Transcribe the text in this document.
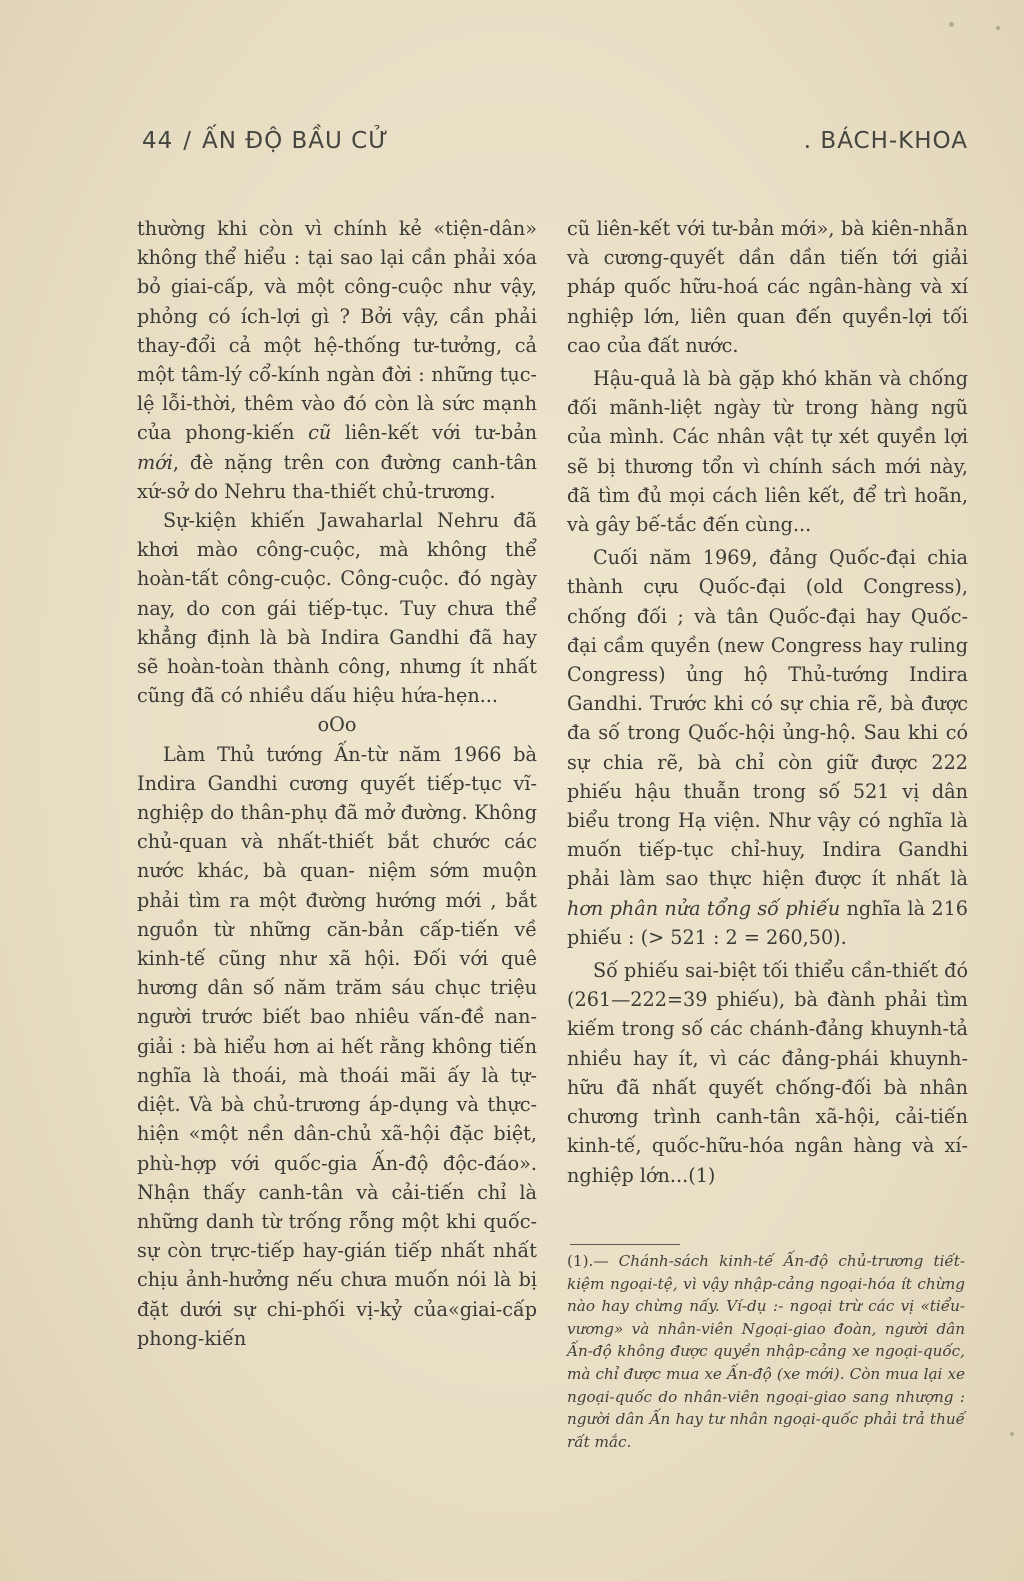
44 / ẤN ĐỘ BẦU CỬ	. BÁCH-KHOA

thường khi còn vì chính kẻ «tiện-dân» không thể hiểu : tại sao lại cần phải xóa bỏ giai-cấp, và một công-cuộc như vậy, phỏng có ích-lợi gì ? Bởi vậy, cần phải thay-đổi cả một hệ-thống tư-tưởng, cả một tâm-lý cổ-kính ngàn đời : những tục-lệ lỗi-thời, thêm vào đó còn là sức mạnh của phong-kiến cũ liên-kết với tư-bản mới, đè nặng trên con đường canh-tân xứ-sở do Nehru tha-thiết chủ-trương.

Sự-kiện khiến Jawaharlal Nehru đã khơi mào công-cuộc, mà không thể hoàn-tất công-cuộc. Công-cuộc. đó ngày nay, do con gái tiếp-tục. Tuy chưa thể khẳng định là bà Indira Gandhi đã hay sẽ hoàn-toàn thành công, nhưng ít nhất cũng đã có nhiều dấu hiệu hứa-hẹn...

oOo

Làm Thủ tướng Ấn-từ năm 1966 bà Indira Gandhi cương quyết tiếp-tục vĩ-nghiệp do thân-phụ đã mở đường. Không chủ-quan và nhất-thiết bắt chước các nước khác, bà quan- niệm sớm muộn phải tìm ra một đường hướng mới , bắt nguồn từ những căn-bản cấp-tiến về kinh-tế cũng như xã hội. Đối với quê hương dân số năm trăm sáu chục triệu người trước biết bao nhiêu vấn-đề nan-giải : bà hiểu hơn ai hết rằng không tiến nghĩa là thoái, mà thoái mãi ấy là tự-diệt. Và bà chủ-trương áp-dụng và thực-hiện «một nền dân-chủ xã-hội đặc biệt, phù-hợp với quốc-gia Ấn-độ độc-đáo». Nhận thấy canh-tân và cải-tiến chỉ là những danh từ trống rỗng một khi quốc-sự còn trực-tiếp hay-gián tiếp nhất nhất chịu ảnh-hưởng nếu chưa muốn nói là bị đặt dưới sự chi-phối vị-kỷ của«giai-cấp phong-kiến

cũ liên-kết với tư-bản mới», bà kiên-nhẫn và cương-quyết dần dần tiến tới giải pháp quốc hữu-hoá các ngân-hàng và xí nghiệp lớn, liên quan đến quyền-lợi tối cao của đất nước.

Hậu-quả là bà gặp khó khăn và chống đối mãnh-liệt ngày từ trong hàng ngũ của mình. Các nhân vật tự xét quyền lợi sẽ bị thương tổn vì chính sách mới này, đã tìm đủ mọi cách liên kết, để trì hoãn, và gây bế-tắc đến cùng...

Cuối năm 1969, đảng Quốc-đại chia thành cựu Quốc-đại (old Congress), chống đối ; và tân Quốc-đại hay Quốc-đại cầm quyền (new Congress hay ruling Congress) ủng hộ Thủ-tướng Indira Gandhi. Trước khi có sự chia rẽ, bà được đa số trong Quốc-hội ủng-hộ. Sau khi có sự chia rẽ, bà chỉ còn giữ được 222 phiếu hậu thuẫn trong số 521 vị dân biểu trong Hạ viện. Như vậy có nghĩa là muốn tiếp-tục chỉ-huy, Indira Gandhi phải làm sao thực hiện được ít nhất là hơn phân nửa tổng số phiếu nghĩa là 216 phiếu : (> 521 : 2 = 260,50).

Số phiếu sai-biệt tối thiểu cần-thiết đó (261—222=39 phiếu), bà đành phải tìm kiếm trong số các chánh-đảng khuynh-tả nhiều hay ít, vì các đảng-phái khuynh-hữu đã nhất quyết chống-đối bà nhân chương trình canh-tân xã-hội, cải-tiến kinh-tế, quốc-hữu-hóa ngân hàng và xí-nghiệp lớn...(1)

(1).— Chánh-sách kinh-tế Ấn-độ chủ-trương tiết-kiệm ngoại-tệ, vì vậy nhập-cảng ngoại-hóa ít chừng nào hay chừng nấy. Ví-dụ :- ngoại trừ các vị «tiểu-vương» và nhân-viên Ngoại-giao đoàn, người dân Ấn-độ không được quyền nhập-cảng xe ngoại-quốc, mà chỉ được mua xe Ấn-độ (xe mới). Còn mua lại xe ngoại-quốc do nhân-viên ngoại-giao sang nhượng : người dân Ấn hay tư nhân ngoại-quốc phải trả thuế rất mắc.
